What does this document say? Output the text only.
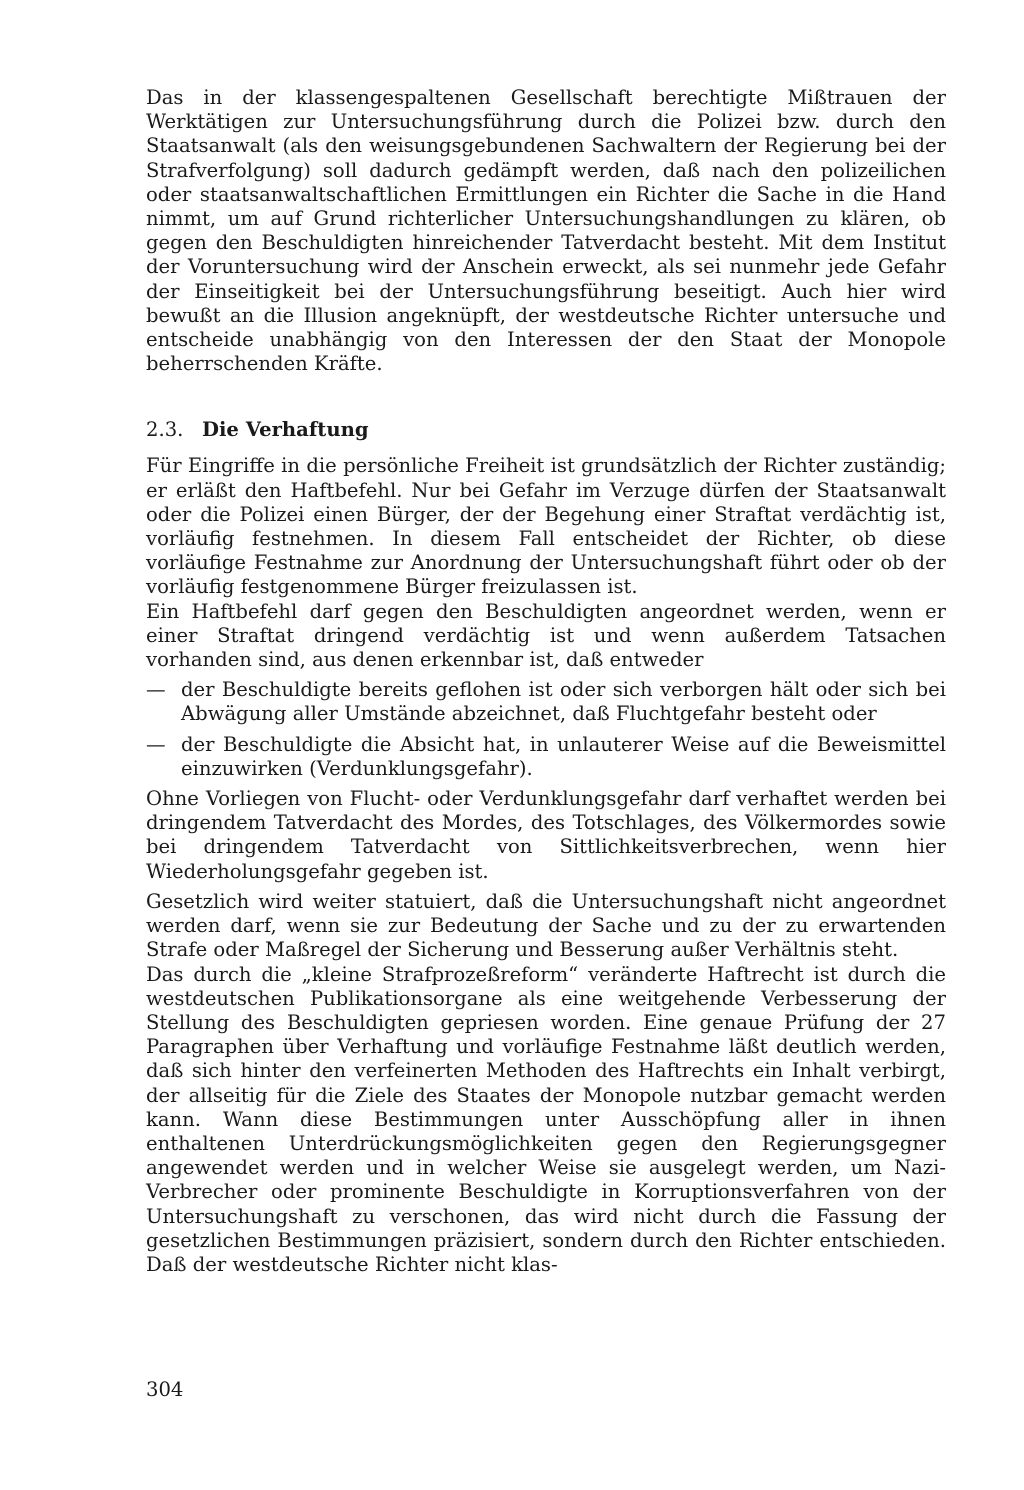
Das in der klassengespaltenen Gesellschaft berechtigte Mißtrauen der Werktätigen zur Untersuchungsführung durch die Polizei bzw. durch den Staatsanwalt (als den weisungsgebundenen Sachwaltern der Regierung bei der Strafverfolgung) soll dadurch gedämpft werden, daß nach den polizeilichen oder staatsanwaltschaftlichen Ermittlungen ein Richter die Sache in die Hand nimmt, um auf Grund richterlicher Untersuchungshandlungen zu klären, ob gegen den Beschuldigten hinreichender Tatverdacht besteht. Mit dem Institut der Voruntersuchung wird der Anschein erweckt, als sei nunmehr jede Gefahr der Einseitigkeit bei der Untersuchungsführung beseitigt. Auch hier wird bewußt an die Illusion angeknüpft, der westdeutsche Richter untersuche und entscheide unabhängig von den Interessen der den Staat der Monopole beherrschenden Kräfte.

2.3. Die Verhaftung

Für Eingriffe in die persönliche Freiheit ist grundsätzlich der Richter zuständig; er erläßt den Haftbefehl. Nur bei Gefahr im Verzuge dürfen der Staatsanwalt oder die Polizei einen Bürger, der der Begehung einer Straftat verdächtig ist, vorläufig festnehmen. In diesem Fall entscheidet der Richter, ob diese vorläufige Festnahme zur Anordnung der Untersuchungshaft führt oder ob der vorläufig festgenommene Bürger freizulassen ist.

Ein Haftbefehl darf gegen den Beschuldigten angeordnet werden, wenn er einer Straftat dringend verdächtig ist und wenn außerdem Tatsachen vorhanden sind, aus denen erkennbar ist, daß entweder

— der Beschuldigte bereits geflohen ist oder sich verborgen hält oder sich bei Abwägung aller Umstände abzeichnet, daß Fluchtgefahr besteht oder
— der Beschuldigte die Absicht hat, in unlauterer Weise auf die Beweismittel einzuwirken (Verdunklungsgefahr).

Ohne Vorliegen von Flucht- oder Verdunklungsgefahr darf verhaftet werden bei dringendem Tatverdacht des Mordes, des Totschlages, des Völkermordes sowie bei dringendem Tatverdacht von Sittlichkeitsverbrechen, wenn hier Wiederholungsgefahr gegeben ist.

Gesetzlich wird weiter statuiert, daß die Untersuchungshaft nicht angeordnet werden darf, wenn sie zur Bedeutung der Sache und zu der zu erwartenden Strafe oder Maßregel der Sicherung und Besserung außer Verhältnis steht.

Das durch die „kleine Strafprozeßreform“ veränderte Haftrecht ist durch die westdeutschen Publikationsorgane als eine weitgehende Verbesserung der Stellung des Beschuldigten gepriesen worden. Eine genaue Prüfung der 27 Paragraphen über Verhaftung und vorläufige Festnahme läßt deutlich werden, daß sich hinter den verfeinerten Methoden des Haftrechts ein Inhalt verbirgt, der allseitig für die Ziele des Staates der Monopole nutzbar gemacht werden kann. Wann diese Bestimmungen unter Ausschöpfung aller in ihnen enthaltenen Unterdrückungsmöglichkeiten gegen den Regierungsgegner angewendet werden und in welcher Weise sie ausgelegt werden, um Nazi-Verbrecher oder prominente Beschuldigte in Korruptionsverfahren von der Untersuchungshaft zu verschonen, das wird nicht durch die Fassung der gesetzlichen Bestimmungen präzisiert, sondern durch den Richter entschieden. Daß der westdeutsche Richter nicht klas-

304
